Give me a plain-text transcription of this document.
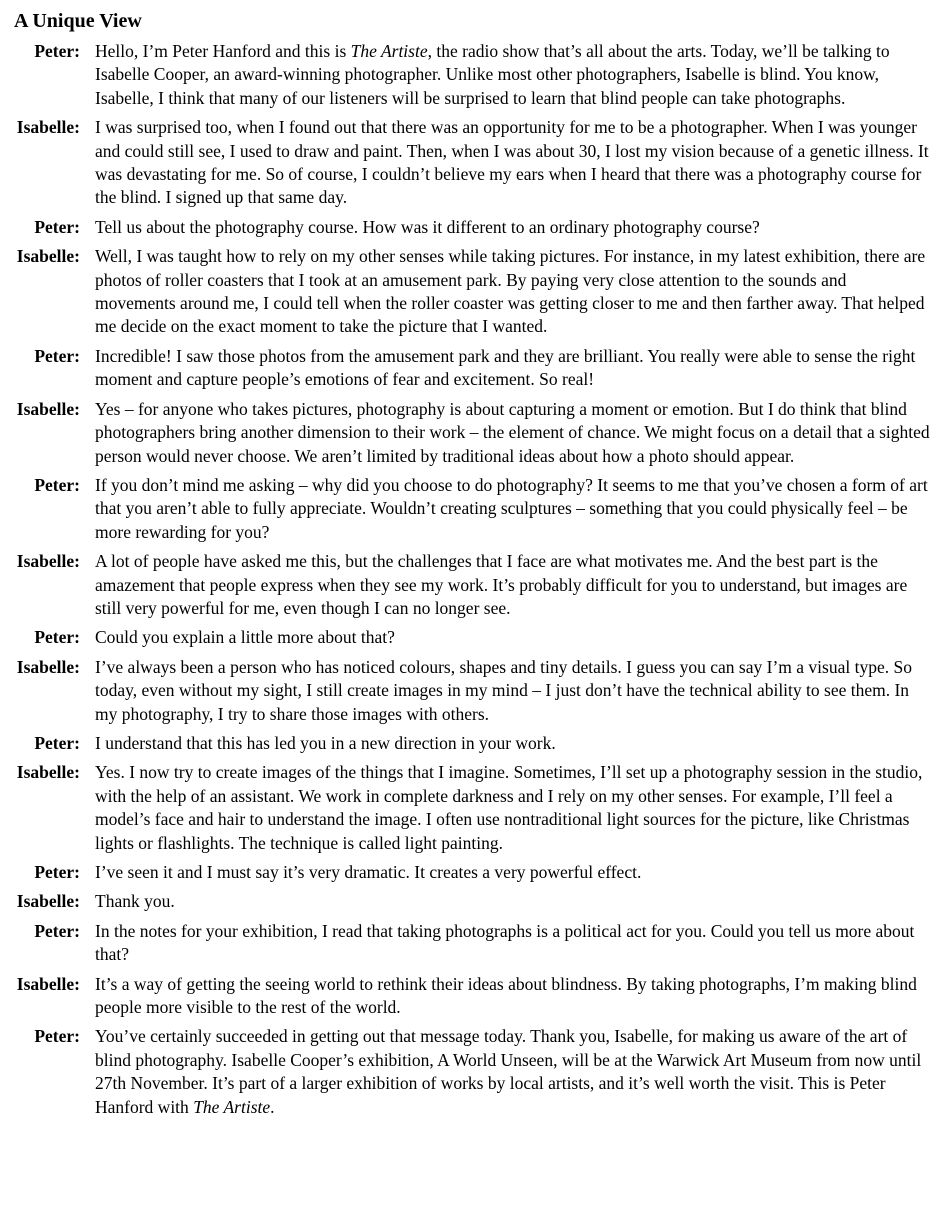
A Unique View
Peter: Hello, I’m Peter Hanford and this is The Artiste, the radio show that’s all about the arts. Today, we’ll be talking to Isabelle Cooper, an award-winning photographer. Unlike most other photographers, Isabelle is blind. You know, Isabelle, I think that many of our listeners will be surprised to learn that blind people can take photographs.
Isabelle: I was surprised too, when I found out that there was an opportunity for me to be a photographer. When I was younger and could still see, I used to draw and paint. Then, when I was about 30, I lost my vision because of a genetic illness. It was devastating for me. So of course, I couldn’t believe my ears when I heard that there was a photography course for the blind. I signed up that same day.
Peter: Tell us about the photography course. How was it different to an ordinary photography course?
Isabelle: Well, I was taught how to rely on my other senses while taking pictures. For instance, in my latest exhibition, there are photos of roller coasters that I took at an amusement park. By paying very close attention to the sounds and movements around me, I could tell when the roller coaster was getting closer to me and then farther away. That helped me decide on the exact moment to take the picture that I wanted.
Peter: Incredible! I saw those photos from the amusement park and they are brilliant. You really were able to sense the right moment and capture people’s emotions of fear and excitement. So real!
Isabelle: Yes – for anyone who takes pictures, photography is about capturing a moment or emotion. But I do think that blind photographers bring another dimension to their work – the element of chance. We might focus on a detail that a sighted person would never choose. We aren’t limited by traditional ideas about how a photo should appear.
Peter: If you don’t mind me asking – why did you choose to do photography? It seems to me that you’ve chosen a form of art that you aren’t able to fully appreciate. Wouldn’t creating sculptures – something that you could physically feel – be more rewarding for you?
Isabelle: A lot of people have asked me this, but the challenges that I face are what motivates me. And the best part is the amazement that people express when they see my work. It’s probably difficult for you to understand, but images are still very powerful for me, even though I can no longer see.
Peter: Could you explain a little more about that?
Isabelle: I’ve always been a person who has noticed colours, shapes and tiny details. I guess you can say I’m a visual type. So today, even without my sight, I still create images in my mind – I just don’t have the technical ability to see them. In my photography, I try to share those images with others.
Peter: I understand that this has led you in a new direction in your work.
Isabelle: Yes. I now try to create images of the things that I imagine. Sometimes, I’ll set up a photography session in the studio, with the help of an assistant. We work in complete darkness and I rely on my other senses. For example, I’ll feel a model’s face and hair to understand the image. I often use nontraditional light sources for the picture, like Christmas lights or flashlights. The technique is called light painting.
Peter: I’ve seen it and I must say it’s very dramatic. It creates a very powerful effect.
Isabelle: Thank you.
Peter: In the notes for your exhibition, I read that taking photographs is a political act for you. Could you tell us more about that?
Isabelle: It’s a way of getting the seeing world to rethink their ideas about blindness. By taking photographs, I’m making blind people more visible to the rest of the world.
Peter: You’ve certainly succeeded in getting out that message today. Thank you, Isabelle, for making us aware of the art of blind photography. Isabelle Cooper’s exhibition, A World Unseen, will be at the Warwick Art Museum from now until 27th November. It’s part of a larger exhibition of works by local artists, and it’s well worth the visit. This is Peter Hanford with The Artiste.
